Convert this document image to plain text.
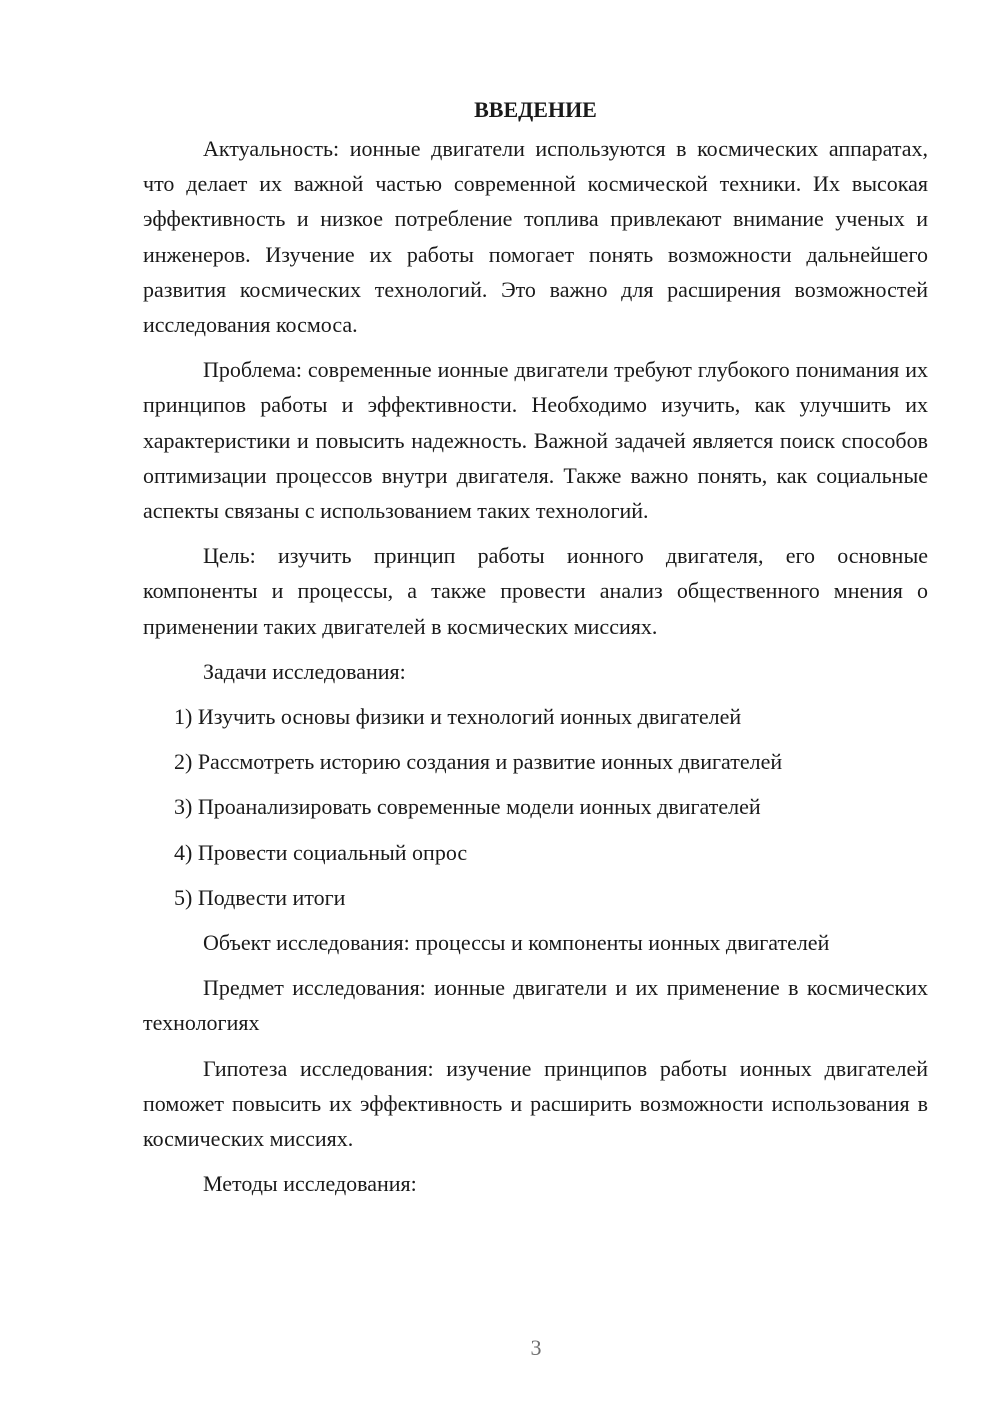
ВВЕДЕНИЕ

Актуальность: ионные двигатели используются в космических аппаратах, что делает их важной частью современной космической техники. Их высокая эффективность и низкое потребление топлива привлекают внимание ученых и инженеров. Изучение их работы помогает понять возможности дальнейшего развития космических технологий. Это важно для расширения возможностей исследования космоса.

Проблема: современные ионные двигатели требуют глубокого понимания их принципов работы и эффективности. Необходимо изучить, как улучшить их характеристики и повысить надежность. Важной задачей является поиск способов оптимизации процессов внутри двигателя. Также важно понять, как социальные аспекты связаны с использованием таких технологий.

Цель: изучить принцип работы ионного двигателя, его основные компоненты и процессы, а также провести анализ общественного мнения о применении таких двигателей в космических миссиях.

Задачи исследования:

1) Изучить основы физики и технологий ионных двигателей
2) Рассмотреть историю создания и развитие ионных двигателей
3) Проанализировать современные модели ионных двигателей
4) Провести социальный опрос
5) Подвести итоги

Объект исследования: процессы и компоненты ионных двигателей

Предмет исследования: ионные двигатели и их применение в космических технологиях

Гипотеза исследования: изучение принципов работы ионных двигателей поможет повысить их эффективность и расширить возможности использования в космических миссиях.

Методы исследования:

3
